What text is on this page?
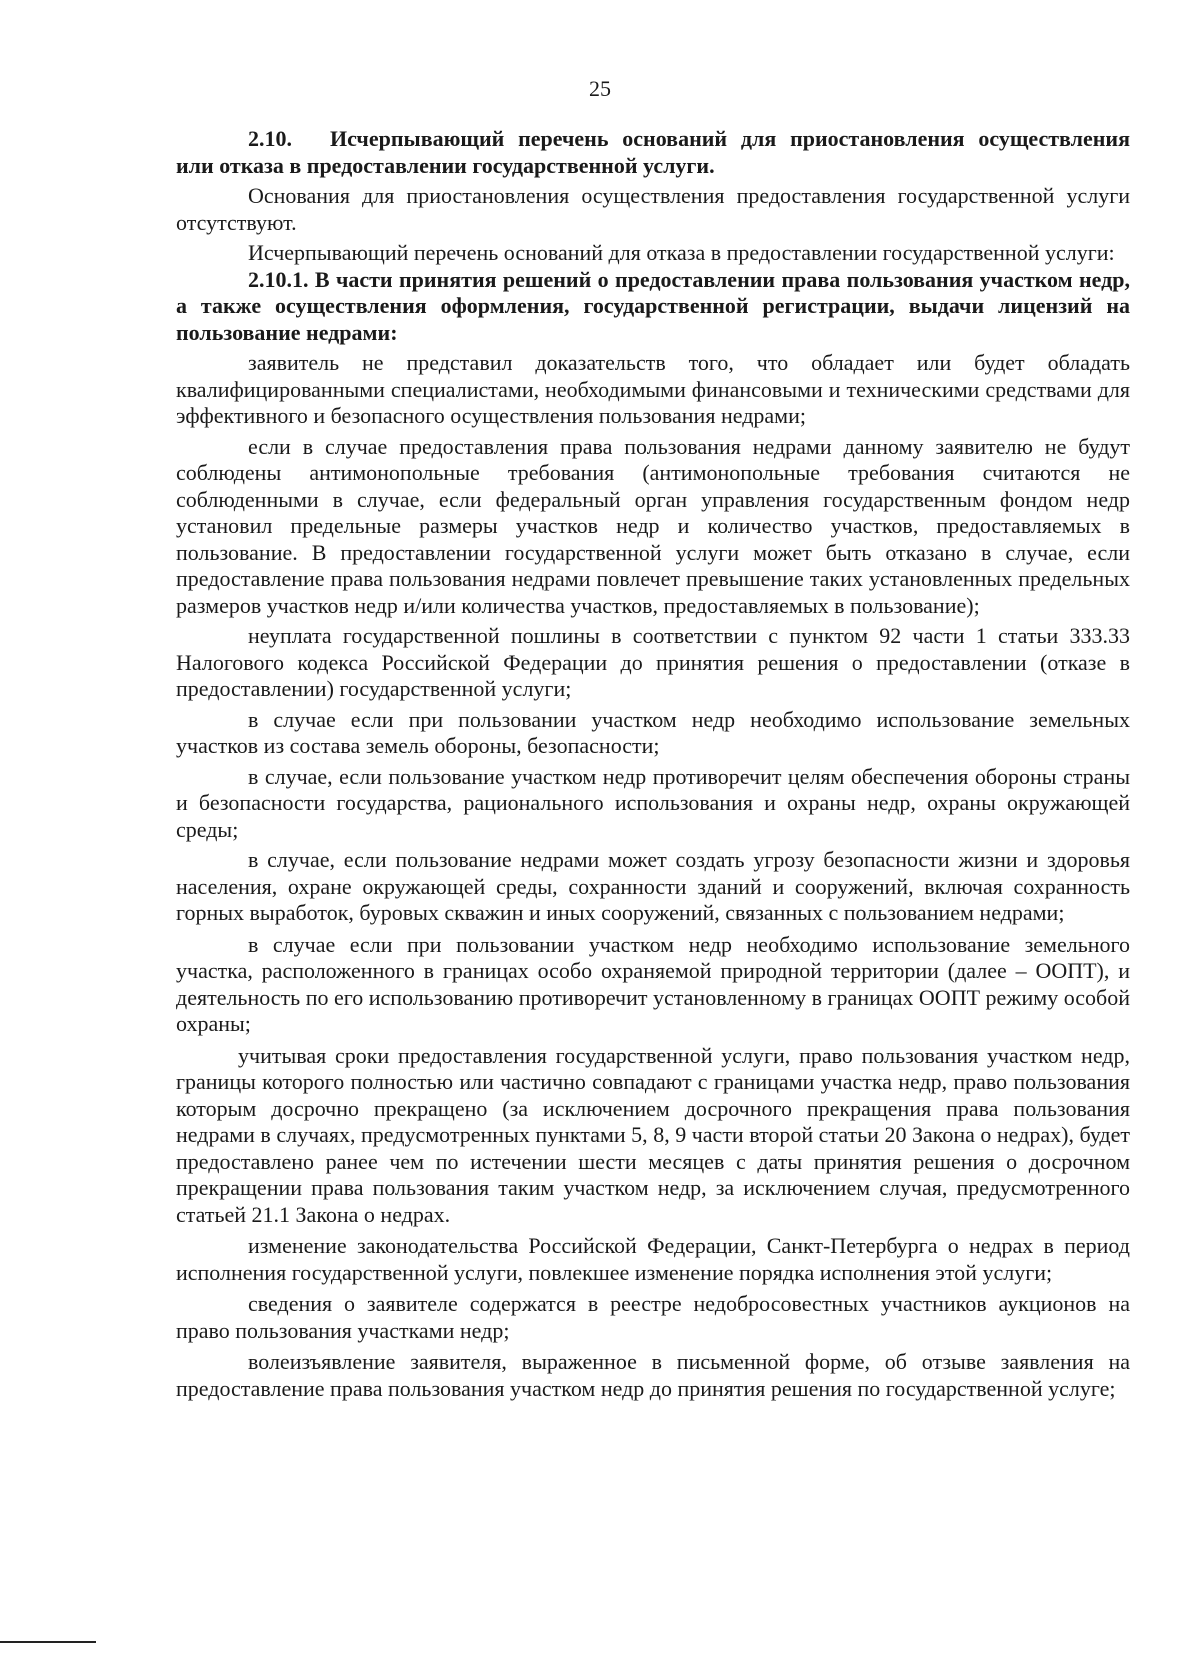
25

2.10. Исчерпывающий перечень оснований для приостановления осуществления или отказа в предоставлении государственной услуги.

Основания для приостановления осуществления предоставления государственной услуги отсутствуют.

Исчерпывающий перечень оснований для отказа в предоставлении государственной услуги:

2.10.1. В части принятия решений о предоставлении права пользования участком недр, а также осуществления оформления, государственной регистрации, выдачи лицензий на пользование недрами:

заявитель не представил доказательств того, что обладает или будет обладать квалифицированными специалистами, необходимыми финансовыми и техническими средствами для эффективного и безопасного осуществления пользования недрами;

если в случае предоставления права пользования недрами данному заявителю не будут соблюдены антимонопольные требования (антимонопольные требования считаются не соблюденными в случае, если федеральный орган управления государственным фондом недр установил предельные размеры участков недр и количество участков, предоставляемых в пользование. В предоставлении государственной услуги может быть отказано в случае, если предоставление права пользования недрами повлечет превышение таких установленных предельных размеров участков недр и/или количества участков, предоставляемых в пользование);

неуплата государственной пошлины в соответствии с пунктом 92 части 1 статьи 333.33 Налогового кодекса Российской Федерации до принятия решения о предоставлении (отказе в предоставлении) государственной услуги;

в случае если при пользовании участком недр необходимо использование земельных участков из состава земель обороны, безопасности;

в случае, если пользование участком недр противоречит целям обеспечения обороны страны и безопасности государства, рационального использования и охраны недр, охраны окружающей среды;

в случае, если пользование недрами может создать угрозу безопасности жизни и здоровья населения, охране окружающей среды, сохранности зданий и сооружений, включая сохранность горных выработок, буровых скважин и иных сооружений, связанных с пользованием недрами;

в случае если при пользовании участком недр необходимо использование земельного участка, расположенного в границах особо охраняемой природной территории (далее – ООПТ), и деятельность по его использованию противоречит установленному в границах ООПТ режиму особой охраны;

учитывая сроки предоставления государственной услуги, право пользования участком недр, границы которого полностью или частично совпадают с границами участка недр, право пользования которым досрочно прекращено (за исключением досрочного прекращения права пользования недрами в случаях, предусмотренных пунктами 5, 8, 9 части второй статьи 20 Закона о недрах), будет предоставлено ранее чем по истечении шести месяцев с даты принятия решения о досрочном прекращении права пользования таким участком недр, за исключением случая, предусмотренного статьей 21.1 Закона о недрах.

изменение законодательства Российской Федерации, Санкт-Петербурга о недрах в период исполнения государственной услуги, повлекшее изменение порядка исполнения этой услуги;

сведения о заявителе содержатся в реестре недобросовестных участников аукционов на право пользования участками недр;

волеизъявление заявителя, выраженное в письменной форме, об отзыве заявления на предоставление права пользования участком недр до принятия решения по государственной услуге;
